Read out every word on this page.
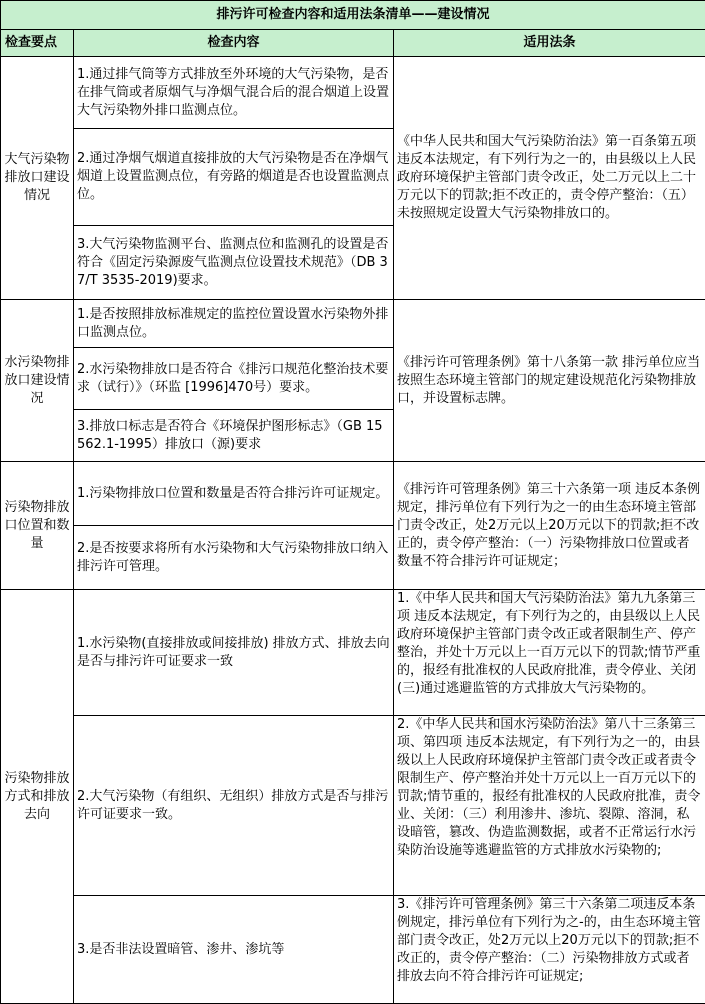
排污许可检查内容和适用法条清单——建设情况		
检查要点	检查内容	适用法条
大气污染物排放口建设情况	1.通过排气筒等方式排放至外环境的大气污染物，是否在排气筒或者原烟气与净烟气混合后的混合烟道上设置大气污染物外排口监测点位。	《中华人民共和国大气污染防治法》第一百条第五项 违反本法规定，有下列行为之一的，由县级以上人民政府环境保护主管部门责令改正，处二万元以上二十万元以下的罚款;拒不改正的，责令停产整治：（五）未按照规定设置大气污染物排放口的。
	2.通过净烟气烟道直接排放的大气污染物是否在净烟气烟道上设置监测点位，有旁路的烟道是否也设置监测点位。	
	3.大气污染物监测平台、监测点位和监测孔的设置是否符合《固定污染源废气监测点位设置技术规范》（DB 37/T 3535-2019)要求。	
水污染物排放口建设情况	1.是否按照排放标准规定的监控位置设置水污染物外排口监测点位。	《排污许可管理条例》第十八条第一款 排污单位应当按照生态环境主管部门的规定建设规范化污染物排放口，并设置标志牌。
	2.水污染物排放口是否符合《排污口规范化整治技术要求（试行）》（环监 [1996]470号）要求。	
	3.排放口标志是否符合《环境保护图形标志》（GB 15562.1-1995）排放口（源)要求	
污染物排放口位置和数量	1.污染物排放口位置和数量是否符合排污许可证规定。	《排污许可管理条例》第三十六条第一项 违反本条例规定，排污单位有下列行为之一的由生态环境主管部门责令改正，处2万元以上20万元以下的罚款;拒不改正的，责令停产整治：（一）污染物排放口位置或者数量不符合排污许可证规定；
	2.是否按要求将所有水污染物和大气污染物排放口纳入排污许可管理。	
污染物排放方式和排放去向	1.水污染物(直接排放或间接排放) 排放方式、排放去向是否与排污许可证要求一致	1.《中华人民共和国大气污染防治法》第九九条第三项 违反本法规定，有下列行为之的，由县级以上人民政府环境保护主管部门责令改正或者限制生产、停产整治，并处十万元以上一百万元以下的罚款;情节严重的，报经有批准权的人民政府批准，责令停业、关闭(三)通过逃避监管的方式排放大气污染物的。
	2.大气污染物（有组织、无组织）排放方式是否与排污许可证要求一致。	2.《中华人民共和国水污染防治法》第八十三条第三项、第四项 违反本法规定，有下列行为之一的，由县级以上人民政府环境保护主管部门责令改正或者责令限制生产、停产整治并处十万元以上一百万元以下的罚款;情节重的，报经有批准权的人民政府批准，责令业、关闭：（三）利用渗井、渗坑、裂隙、溶洞，私设暗管，篡改、伪造监测数据，或者不正常运行水污染防治设施等逃避监管的方式排放水污染物的;
	3.是否非法设置暗管、渗井、渗坑等	3.《排污许可管理条例》第三十六条第二项违反本条例规定，排污单位有下列行为之-的，由生态环境主管部门责令改正，处2万元以上20万元以下的罚款;拒不改正的，责令停产整治：（二）污染物排放方式或者排放去向不符合排污许可证规定;
